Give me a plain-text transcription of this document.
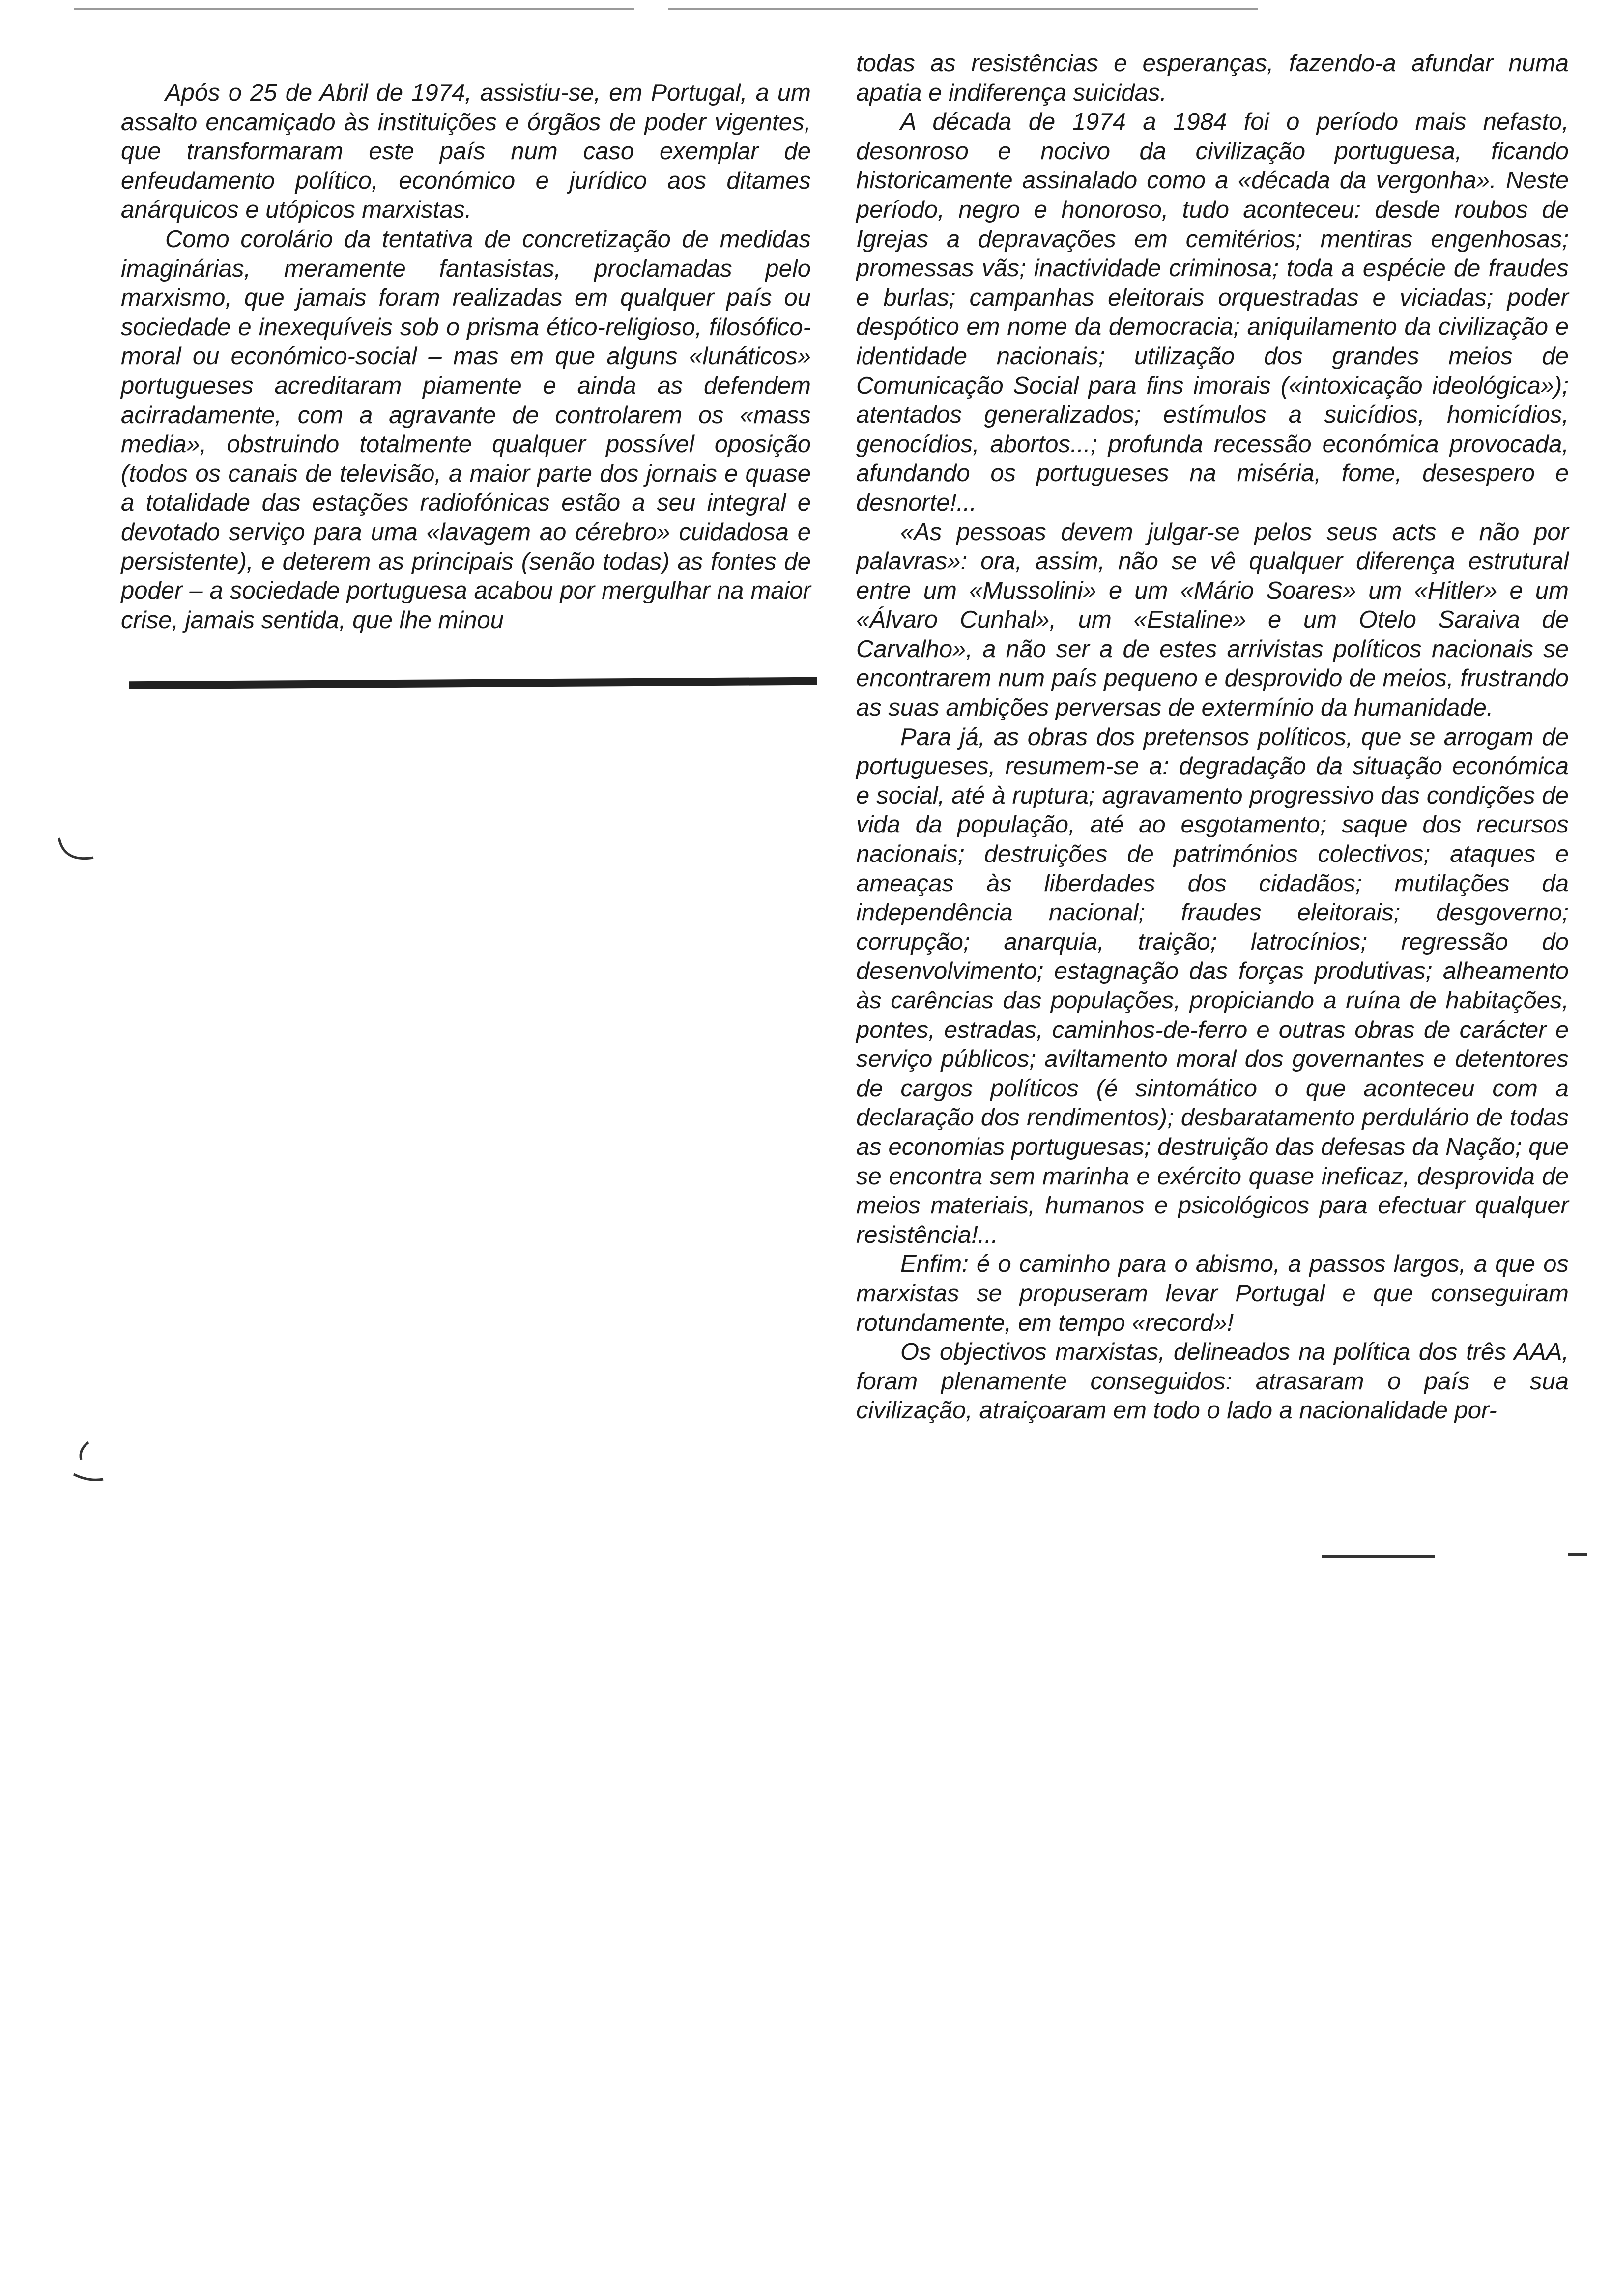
Após o 25 de Abril de 1974, assistiu-se, em Portugal, a um assalto encamiçado às instituições e órgãos de poder vigentes, que transformaram este país num caso exemplar de enfeudamento político, económico e jurídico aos ditames anárquicos e utópicos marxistas.

Como corolário da tentativa de concretização de medidas imaginárias, meramente fantasistas, proclamadas pelo marxismo, que jamais foram realizadas em qualquer país ou sociedade e inexequíveis sob o prisma ético-religioso, filosófico-moral ou económico-social – mas em que alguns «lunáticos» portugueses acreditaram piamente e ainda as defendem acirradamente, com a agravante de controlarem os «mass media», obstruindo totalmente qualquer possível oposição (todos os canais de televisão, a maior parte dos jornais e quase a totalidade das estações radiofónicas estão a seu integral e devotado serviço para uma «lavagem ao cérebro» cuidadosa e persistente), e deterem as principais (senão todas) as fontes de poder – a sociedade portuguesa acabou por mergulhar na maior crise, jamais sentida, que lhe minou

todas as resistências e esperanças, fazendo-a afundar numa apatia e indiferença suicidas.

A década de 1974 a 1984 foi o período mais nefasto, desonroso e nocivo da civilização portuguesa, ficando historicamente assinalado como a «década da vergonha». Neste período, negro e honoroso, tudo aconteceu: desde roubos de Igrejas a depravações em cemitérios; mentiras engenhosas; promessas vãs; inactividade criminosa; toda a espécie de fraudes e burlas; campanhas eleitorais orquestradas e viciadas; poder despótico em nome da democracia; aniquilamento da civilização e identidade nacionais; utilização dos grandes meios de Comunicação Social para fins imorais («intoxicação ideológica»); atentados generalizados; estímulos a suicídios, homicídios, genocídios, abortos...; profunda recessão económica provocada, afundando os portugueses na miséria, fome, desespero e desnorte!...

«As pessoas devem julgar-se pelos seus acts e não por palavras»: ora, assim, não se vê qualquer diferença estrutural entre um «Mussolini» e um «Mário Soares» um «Hitler» e um «Álvaro Cunhal», um «Estaline» e um Otelo Saraiva de Carvalho», a não ser a de estes arrivistas políticos nacionais se encontrarem num país pequeno e desprovido de meios, frustrando as suas ambições perversas de extermínio da humanidade.

Para já, as obras dos pretensos políticos, que se arrogam de portugueses, resumem-se a: degradação da situação económica e social, até à ruptura; agravamento progressivo das condições de vida da população, até ao esgotamento; saque dos recursos nacionais; destruições de patrimónios colectivos; ataques e ameaças às liberdades dos cidadãos; mutilações da independência nacional; fraudes eleitorais; desgoverno; corrupção; anarquia, traição; latrocínios; regressão do desenvolvimento; estagnação das forças produtivas; alheamento às carências das populações, propiciando a ruína de habitações, pontes, estradas, caminhos-de-ferro e outras obras de carácter e serviço públicos; aviltamento moral dos governantes e detentores de cargos políticos (é sintomático o que aconteceu com a declaração dos rendimentos); desbaratamento perdulário de todas as economias portuguesas; destruição das defesas da Nação; que se encontra sem marinha e exército quase ineficaz, desprovida de meios materiais, humanos e psicológicos para efectuar qualquer resistência!...

Enfim: é o caminho para o abismo, a passos largos, a que os marxistas se propuseram levar Portugal e que conseguiram rotundamente, em tempo «record»!

Os objectivos marxistas, delineados na política dos três AAA, foram plenamente conseguidos: atrasaram o país e sua civilização, atraiçoaram em todo o lado a nacionalidade por-
